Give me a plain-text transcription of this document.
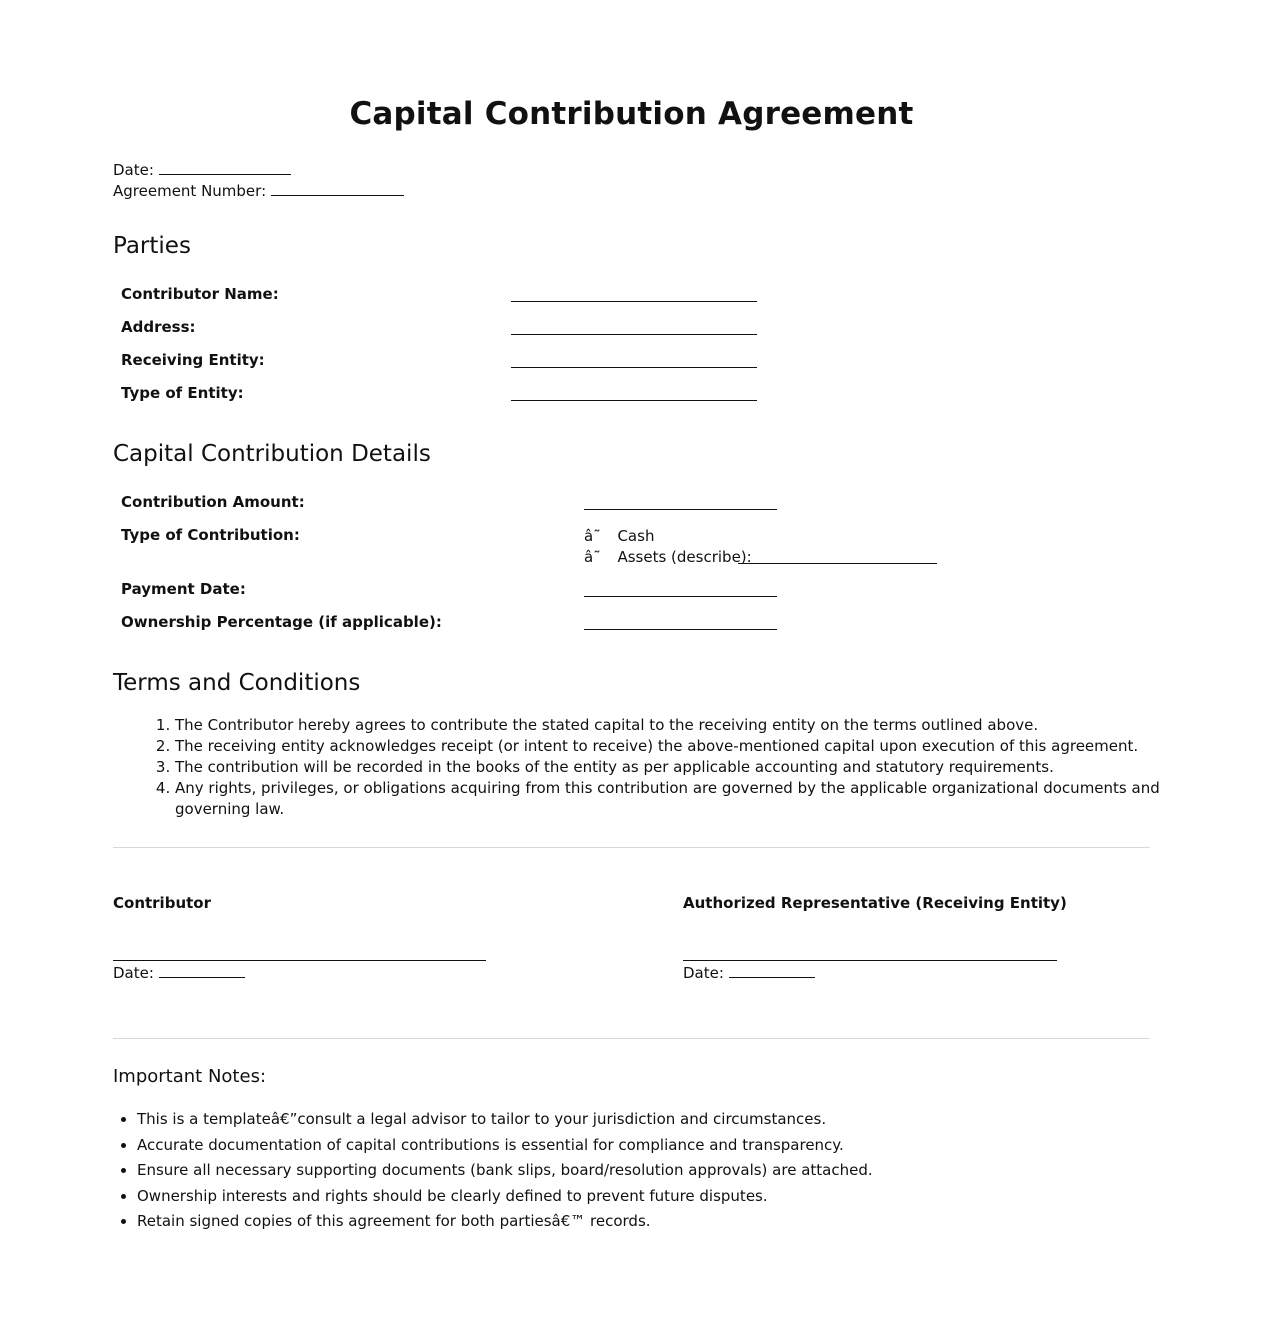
Capital Contribution Agreement
Date:
Agreement Number:
Parties
Contributor Name:
Address:
Receiving Entity:
Type of Entity:
Capital Contribution Details
Contribution Amount:
Type of Contribution:	â˜ Cash
â˜ Assets (describe):
Payment Date:
Ownership Percentage (if applicable):
Terms and Conditions
1. The Contributor hereby agrees to contribute the stated capital to the receiving entity on the terms outlined above.
2. The receiving entity acknowledges receipt (or intent to receive) the above-mentioned capital upon execution of this agreement.
3. The contribution will be recorded in the books of the entity as per applicable accounting and statutory requirements.
4. Any rights, privileges, or obligations acquiring from this contribution are governed by the applicable organizational documents and governing law.
Contributor
Date:
Authorized Representative (Receiving Entity)
Date:
Important Notes:
• This is a templateâ€”consult a legal advisor to tailor to your jurisdiction and circumstances.
• Accurate documentation of capital contributions is essential for compliance and transparency.
• Ensure all necessary supporting documents (bank slips, board/resolution approvals) are attached.
• Ownership interests and rights should be clearly defined to prevent future disputes.
• Retain signed copies of this agreement for both partiesâ€™ records.
